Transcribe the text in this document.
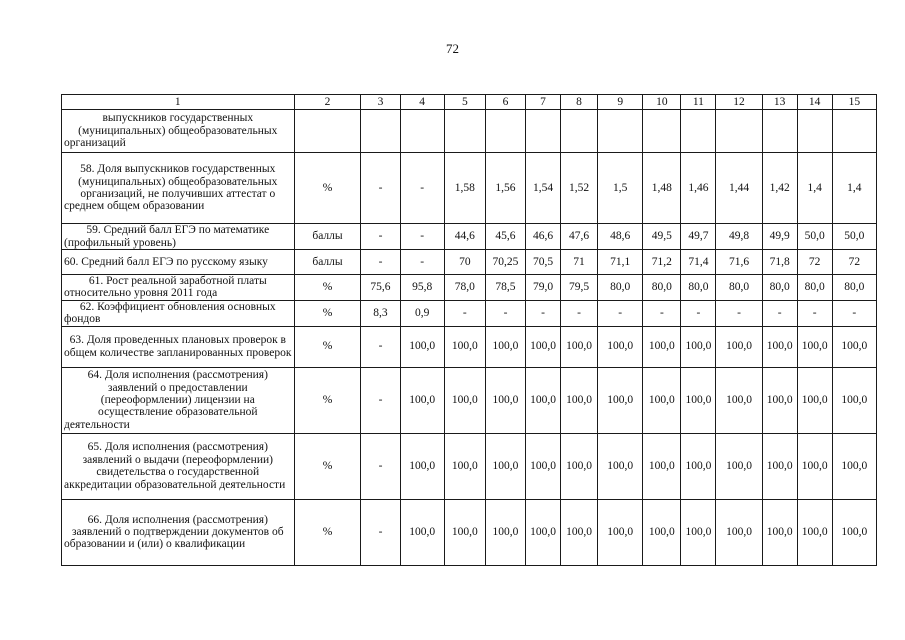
72
1	2	3	4	5	6	7	8	9	10	11	12	13	14	15
выпускников государственных (муниципальных) общеобразовательных организаций														
58. Доля выпускников государственных (муниципальных) общеобразовательных организаций, не получивших аттестат о среднем общем образовании	%	-	-	1,58	1,56	1,54	1,52	1,5	1,48	1,46	1,44	1,42	1,4	1,4
59. Средний балл ЕГЭ по математике (профильный уровень)	баллы	-	-	44,6	45,6	46,6	47,6	48,6	49,5	49,7	49,8	49,9	50,0	50,0
60. Средний балл ЕГЭ по русскому языку	баллы	-	-	70	70,25	70,5	71	71,1	71,2	71,4	71,6	71,8	72	72
61. Рост реальной заработной платы относительно уровня 2011 года	%	75,6	95,8	78,0	78,5	79,0	79,5	80,0	80,0	80,0	80,0	80,0	80,0	80,0
62. Коэффициент обновления основных фондов	%	8,3	0,9	-	-	-	-	-	-	-	-	-	-	-
63. Доля проведенных плановых проверок в общем количестве запланированных проверок	%	-	100,0	100,0	100,0	100,0	100,0	100,0	100,0	100,0	100,0	100,0	100,0	100,0
64. Доля исполнения (рассмотрения) заявлений о предоставлении (переоформлении) лицензии на осуществление образовательной деятельности	%	-	100,0	100,0	100,0	100,0	100,0	100,0	100,0	100,0	100,0	100,0	100,0	100,0
65. Доля исполнения (рассмотрения) заявлений о выдачи (переоформлении) свидетельства о государственной аккредитации образовательной деятельности	%	-	100,0	100,0	100,0	100,0	100,0	100,0	100,0	100,0	100,0	100,0	100,0	100,0
66. Доля исполнения (рассмотрения) заявлений о подтверждении документов об образовании и (или) о квалификации	%	-	100,0	100,0	100,0	100,0	100,0	100,0	100,0	100,0	100,0	100,0	100,0	100,0
